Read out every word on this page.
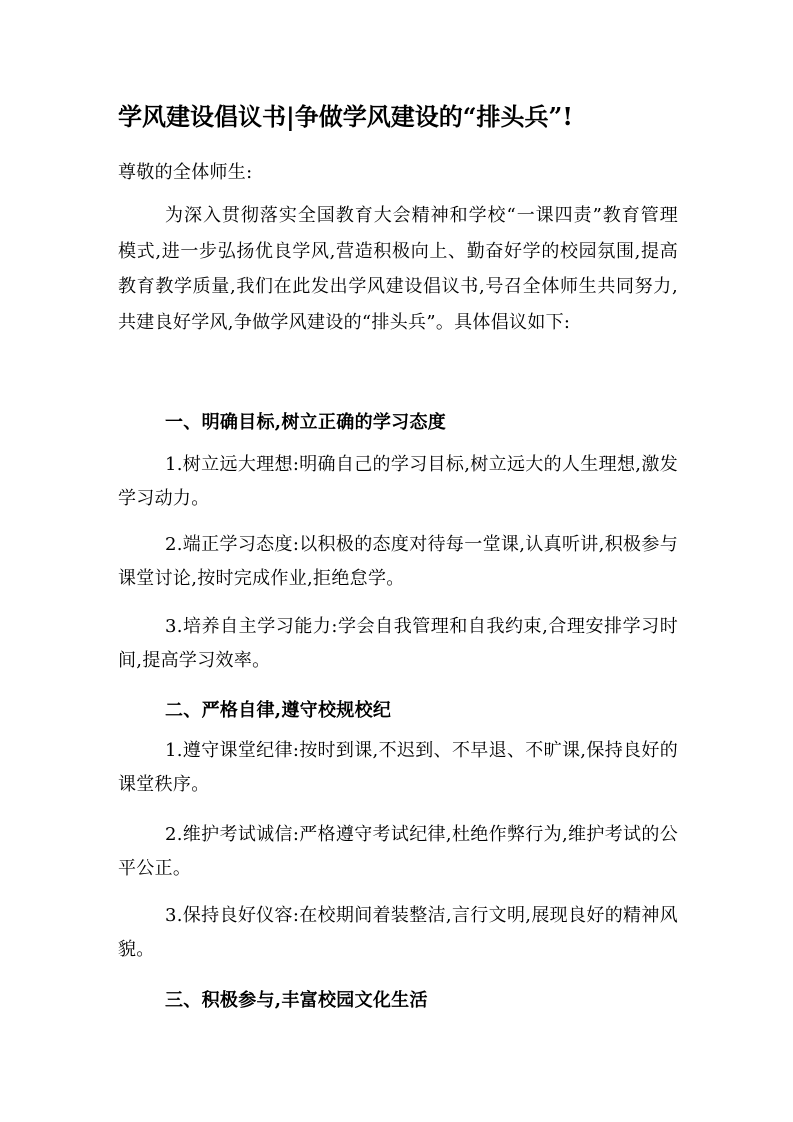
学风建设倡议书|争做学风建设的“排头兵”!

尊敬的全体师生:

为深入贯彻落实全国教育大会精神和学校“一课四责”教育管理模式,进一步弘扬优良学风,营造积极向上、勤奋好学的校园氛围,提高教育教学质量,我们在此发出学风建设倡议书,号召全体师生共同努力,共建良好学风,争做学风建设的“排头兵”。具体倡议如下:

一、明确目标,树立正确的学习态度

1.树立远大理想:明确自己的学习目标,树立远大的人生理想,激发学习动力。

2.端正学习态度:以积极的态度对待每一堂课,认真听讲,积极参与课堂讨论,按时完成作业,拒绝怠学。

3.培养自主学习能力:学会自我管理和自我约束,合理安排学习时间,提高学习效率。

二、严格自律,遵守校规校纪

1.遵守课堂纪律:按时到课,不迟到、不早退、不旷课,保持良好的课堂秩序。

2.维护考试诚信:严格遵守考试纪律,杜绝作弊行为,维护考试的公平公正。

3.保持良好仪容:在校期间着装整洁,言行文明,展现良好的精神风貌。

三、积极参与,丰富校园文化生活
